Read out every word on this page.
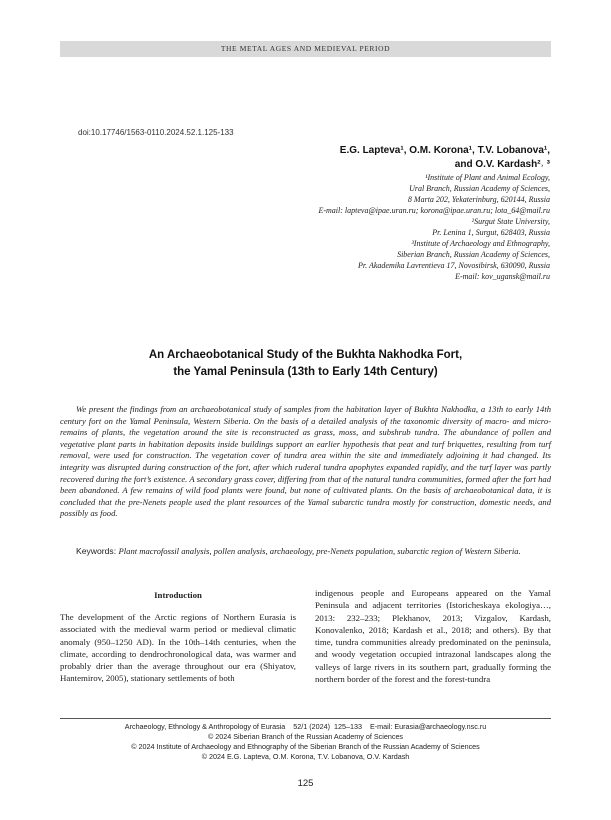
THE METAL AGES AND MEDIEVAL PERIOD
doi:10.17746/1563-0110.2024.52.1.125-133
E.G. Lapteva¹, O.M. Korona¹, T.V. Lobanova¹,
and O.V. Kardash²˒ ³
¹Institute of Plant and Animal Ecology,
Ural Branch, Russian Academy of Sciences,
8 Marta 202, Yekaterinburg, 620144, Russia
E-mail: lapteva@ipae.uran.ru; korona@ipae.uran.ru; lota_64@mail.ru
²Surgut State University,
Pr. Lenina 1, Surgut, 628403, Russia
³Institute of Archaeology and Ethnography,
Siberian Branch, Russian Academy of Sciences,
Pr. Akademika Lavrentieva 17, Novosibirsk, 630090, Russia
E-mail: kov_ugansk@mail.ru
An Archaeobotanical Study of the Bukhta Nakhodka Fort,
the Yamal Peninsula (13th to Early 14th Century)

We present the findings from an archaeobotanical study of samples from the habitation layer of Bukhta Nakhodka, a 13th to early 14th century fort on the Yamal Peninsula, Western Siberia. On the basis of a detailed analysis of the taxonomic diversity of macro- and micro-remains of plants, the vegetation around the site is reconstructed as grass, moss, and subshrub tundra. The abundance of pollen and vegetative plant parts in habitation deposits inside buildings support an earlier hypothesis that peat and turf briquettes, resulting from turf removal, were used for construction. The vegetation cover of tundra area within the site and immediately adjoining it had changed. Its integrity was disrupted during construction of the fort, after which ruderal tundra apophytes expanded rapidly, and the turf layer was partly recovered during the fort’s existence. A secondary grass cover, differing from that of the natural tundra communities, formed after the fort had been abandoned. A few remains of wild food plants were found, but none of cultivated plants. On the basis of archaeobotanical data, it is concluded that the pre-Nenets people used the plant resources of the Yamal subarctic tundra mostly for construction, domestic needs, and possibly as food.

Keywords: Plant macrofossil analysis, pollen analysis, archaeology, pre-Nenets population, subarctic region of Western Siberia.

Introduction

The development of the Arctic regions of Northern Eurasia is associated with the medieval warm period or medieval climatic anomaly (950–1250 AD). In the 10th–14th centuries, when the climate, according to dendrochronological data, was warmer and probably drier than the average throughout our era (Shiyatov, Hantemirov, 2005), stationary settlements of both

indigenous people and Europeans appeared on the Yamal Peninsula and adjacent territories (Istoricheskaya ekologiya…, 2013: 232–233; Plekhanov, 2013; Vizgalov, Kardash, Konovalenko, 2018; Kardash et al., 2018; and others). By that time, tundra communities already predominated on the peninsula, and woody vegetation occupied intrazonal landscapes along the valleys of large rivers in its southern part, gradually forming the northern border of the forest and the forest-tundra

Archaeology, Ethnology & Anthropology of Eurasia    52/1 (2024)  125–133    E-mail: Eurasia@archaeology.nsc.ru
© 2024 Siberian Branch of the Russian Academy of Sciences
© 2024 Institute of Archaeology and Ethnography of the Siberian Branch of the Russian Academy of Sciences
© 2024 E.G. Lapteva, O.M. Korona, T.V. Lobanova, O.V. Kardash
125
